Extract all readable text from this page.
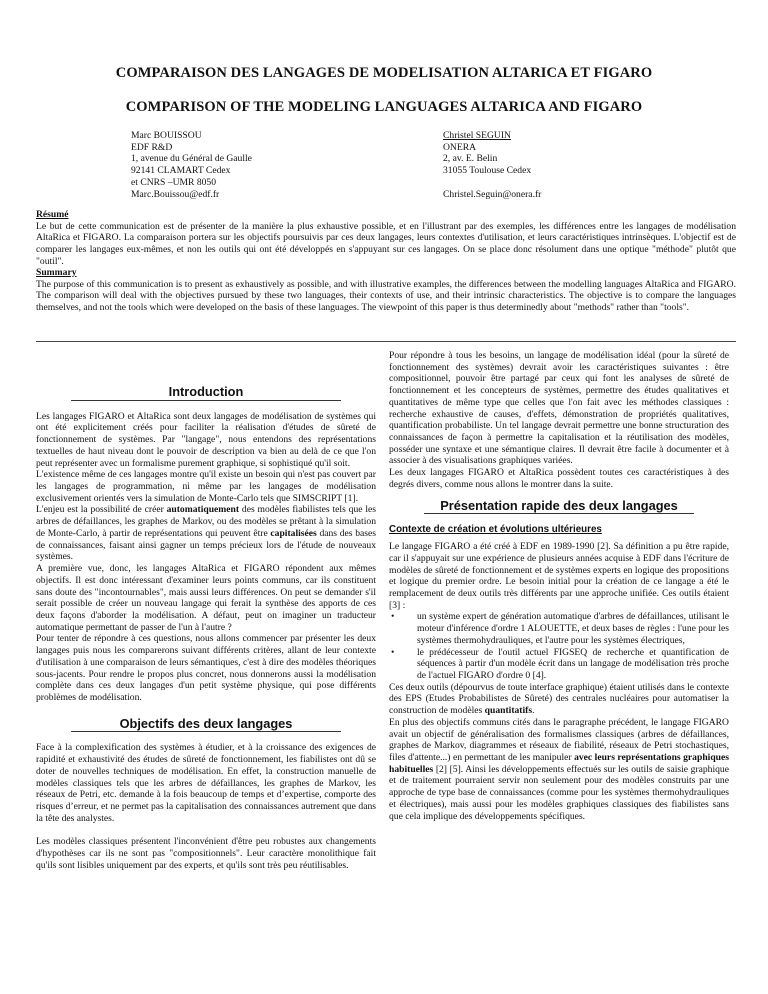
COMPARAISON DES LANGAGES DE MODELISATION ALTARICA ET FIGARO
COMPARISON OF THE MODELING LANGUAGES ALTARICA AND FIGARO
Marc BOUISSOU
EDF R&D
1, avenue du Général de Gaulle
92141 CLAMART Cedex
et CNRS –UMR 8050
Marc.Bouissou@edf.fr
Christel SEGUIN
ONERA
2, av. E. Belin
31055 Toulouse Cedex

Christel.Seguin@onera.fr
Résumé
Le but de cette communication est de présenter de la manière la plus exhaustive possible, et en l'illustrant par des exemples, les différences entre les langages de modélisation AltaRica et FIGARO. La comparaison portera sur les objectifs poursuivis par ces deux langages, leurs contextes d'utilisation, et leurs caractéristiques intrinsèques. L'objectif est de comparer les langages eux-mêmes, et non les outils qui ont été développés en s'appuyant sur ces langages. On se place donc résolument dans une optique "méthode" plutôt que "outil".
Summary
The purpose of this communication is to present as exhaustively as possible, and with illustrative examples, the differences between the modelling languages AltaRica and FIGARO. The comparison will deal with the objectives pursued by these two languages, their contexts of use, and their intrinsic characteristics. The objective is to compare the languages themselves, and not the tools which were developed on the basis of these languages. The viewpoint of this paper is thus determinedly about "methods" rather than "tools".
Introduction

Les langages FIGARO et AltaRica sont deux langages de modélisation de systèmes qui ont été explicitement créés pour faciliter la réalisation d'études de sûreté de fonctionnement de systèmes. Par "langage", nous entendons des représentations textuelles de haut niveau dont le pouvoir de description va bien au delà de ce que l'on peut représenter avec un formalisme purement graphique, si sophistiqué qu'il soit.

L'existence même de ces langages montre qu'il existe un besoin qui n'est pas couvert par les langages de programmation, ni même par les langages de modélisation exclusivement orientés vers la simulation de Monte-Carlo tels que SIMSCRIPT [1].

L'enjeu est la possibilité de créer automatiquement des modèles fiabilistes tels que les arbres de défaillances, les graphes de Markov, ou des modèles se prêtant à la simulation de Monte-Carlo, à partir de représentations qui peuvent être capitalisées dans des bases de connaissances, faisant ainsi gagner un temps précieux lors de l'étude de nouveaux systèmes.

A première vue, donc, les langages AltaRica et FIGARO répondent aux mêmes objectifs. Il est donc intéressant d'examiner leurs points communs, car ils constituent sans doute des "incontournables", mais aussi leurs différences. On peut se demander s'il serait possible de créer un nouveau langage qui ferait la synthèse des apports de ces deux façons d'aborder la modélisation. A défaut, peut on imaginer un traducteur automatique permettant de passer de l'un à l'autre ?

Pour tenter de répondre à ces questions, nous allons commencer par présenter les deux langages puis nous les comparerons suivant différents critères, allant de leur contexte d'utilisation à une comparaison de leurs sémantiques, c'est à dire des modèles théoriques sous-jacents. Pour rendre le propos plus concret, nous donnerons aussi la modélisation complète dans ces deux langages d'un petit système physique, qui pose différents problèmes de modélisation.

Objectifs des deux langages

Face à la complexification des systèmes à étudier, et à la croissance des exigences de rapidité et exhaustivité des études de sûreté de fonctionnement, les fiabilistes ont dû se doter de nouvelles techniques de modélisation. En effet, la construction manuelle de modèles classiques tels que les arbres de défaillances, les graphes de Markov, les réseaux de Petri, etc. demande à la fois beaucoup de temps et d’expertise, comporte des risques d’erreur, et ne permet pas la capitalisation des connaissances autrement que dans la tête des analystes.

Les modèles classiques présentent l'inconvénient d'être peu robustes aux changements d'hypothèses car ils ne sont pas "compositionnels". Leur caractère monolithique fait qu'ils sont lisibles uniquement par des experts, et qu'ils sont très peu réutilisables.

Pour répondre à tous les besoins, un langage de modélisation idéal (pour la sûreté de fonctionnement des systèmes) devrait avoir les caractéristiques suivantes : être compositionnel, pouvoir être partagé par ceux qui font les analyses de sûreté de fonctionnement et les concepteurs de systèmes, permettre des études qualitatives et quantitatives de même type que celles que l'on fait avec les méthodes classiques : recherche exhaustive de causes, d'effets, démonstration de propriétés qualitatives, quantification probabiliste. Un tel langage devrait permettre une bonne structuration des connaissances de façon à permettre la capitalisation et la réutilisation des modèles, posséder une syntaxe et une sémantique claires. Il devrait être facile à documenter et à associer à des visualisations graphiques variées.

Les deux langages FIGARO et AltaRica possèdent toutes ces caractéristiques à des degrés divers, comme nous allons le montrer dans la suite.

Présentation rapide des deux langages
Contexte de création et évolutions ultérieures

Le langage FIGARO a été créé à EDF en 1989-1990 [2]. Sa définition a pu être rapide, car il s'appuyait sur une expérience de plusieurs années acquise à EDF dans l'écriture de modèles de sûreté de fonctionnement et de systèmes experts en logique des propositions et logique du premier ordre. Le besoin initial pour la création de ce langage a été le remplacement de deux outils très différents par une approche unifiée. Ces outils étaient [3] :

• un système expert de génération automatique d'arbres de défaillances, utilisant le moteur d'inférence d'ordre 1 ALOUETTE, et deux bases de règles : l'une pour les systèmes thermohydrauliques, et l'autre pour les systèmes électriques,
• le prédécesseur de l'outil actuel FIGSEQ de recherche et quantification de séquences à partir d'un modèle écrit dans un langage de modélisation très proche de l'actuel FIGARO d'ordre 0 [4].

Ces deux outils (dépourvus de toute interface graphique) étaient utilisés dans le contexte des EPS (Etudes Probabilistes de Sûreté) des centrales nucléaires pour automatiser la construction de modèles quantitatifs.

En plus des objectifs communs cités dans le paragraphe précédent, le langage FIGARO avait un objectif de généralisation des formalismes classiques (arbres de défaillances, graphes de Markov, diagrammes et réseaux de fiabilité, réseaux de Petri stochastiques, files d'attente...) en permettant de les manipuler avec leurs représentations graphiques habituelles [2] [5]. Ainsi les développements effectués sur les outils de saisie graphique et de traitement pourraient servir non seulement pour des modèles construits par une approche de type base de connaissances (comme pour les systèmes thermohydrauliques et électriques), mais aussi pour les modèles graphiques classiques des fiabilistes sans que cela implique des développements spécifiques.
